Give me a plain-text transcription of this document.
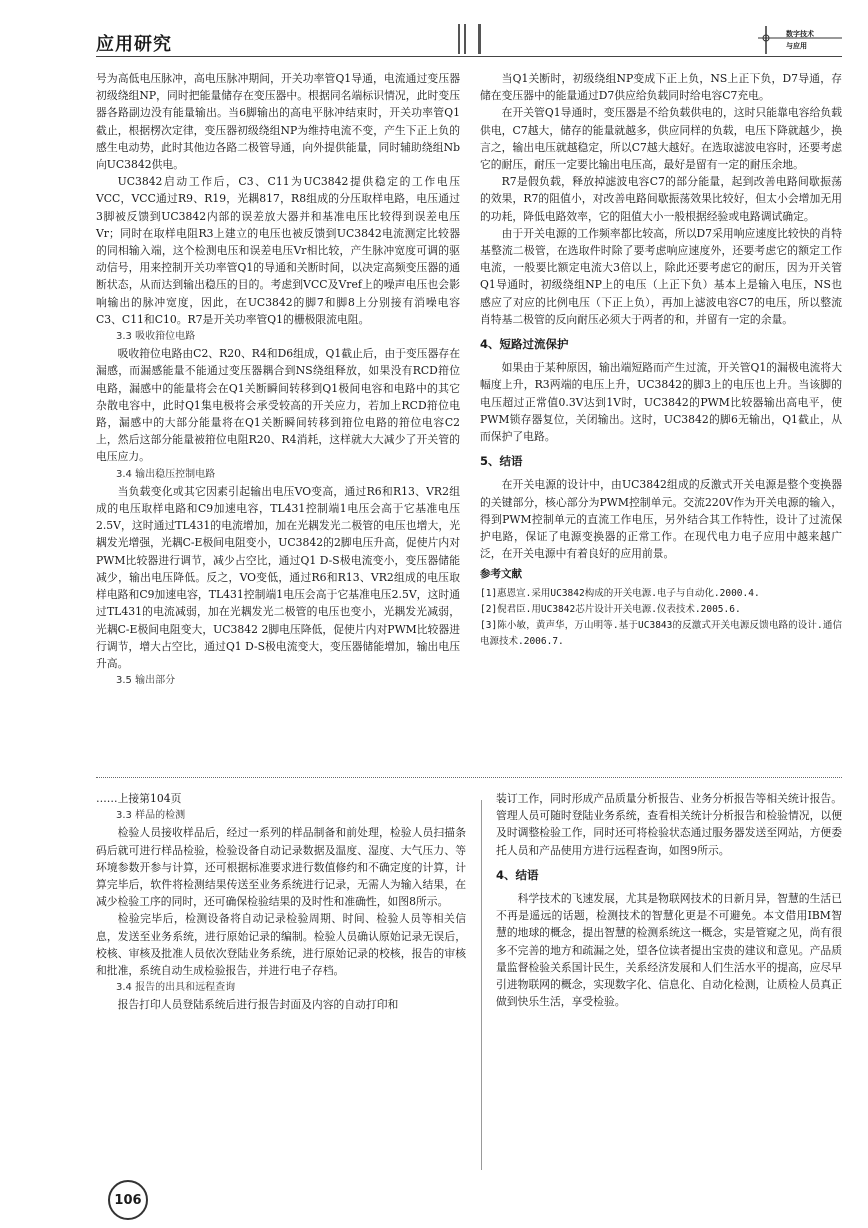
应用研究	数字技术
与应用

号为高低电压脉冲，高电压脉冲期间，开关功率管Q1导通，电流通过变压器初级绕组NP，同时把能量储存在变压器中。根据同名端标识情况，此时变压器各路副边没有能量输出。当6脚输出的高电平脉冲结束时，开关功率管Q1截止，根据楞次定律，变压器初级绕组NP为维持电流不变，产生下正上负的感生电动势，此时其他边各路二极管导通，向外提供能量，同时辅助绕组Nb向UC3842供电。

UC3842启动工作后，C3、C11为UC3842提供稳定的工作电压VCC，VCC通过R9、R19，光耦817，R8组成的分压取样电路，电压通过3脚被反馈到UC3842内部的误差放大器并和基准电压比较得到误差电压Vr；同时在取样电阻R3上建立的电压也被反馈到UC3842电流测定比较器的同相输入端，这个检测电压和误差电压Vr相比较，产生脉冲宽度可调的驱动信号，用来控制开关功率管Q1的导通和关断时间，以决定高频变压器的通断状态，从而达到输出稳压的目的。考虑到VCC及Vref上的噪声电压也会影响输出的脉冲宽度，因此，在UC3842的脚7和脚8上分别接有消噪电容C3、C11和C10。R7是开关功率管Q1的栅极限流电阻。

3.3 吸收箝位电路

吸收箝位电路由C2、R20、R4和D6组成，Q1截止后，由于变压器存在漏感，而漏感能量不能通过变压器耦合到NS绕组释放，如果没有RCD箝位电路，漏感中的能量将会在Q1关断瞬间转移到Q1极间电容和电路中的其它杂散电容中，此时Q1集电极将会承受较高的开关应力，若加上RCD箝位电路，漏感中的大部分能量将在Q1关断瞬间转移到箝位电路的箝位电容C2上，然后这部分能量被箝位电阻R20、R4消耗，这样就大大减少了开关管的电压应力。

3.4 输出稳压控制电路

当负载变化或其它因素引起输出电压VO变高，通过R6和R13、VR2组成的电压取样电路和C9加速电容，TL431控制端1电压会高于它基准电压2.5V，这时通过TL431的电流增加，加在光耦发光二极管的电压也增大，光耦发光增强，光耦C-E极间电阻变小，UC3842的2脚电压升高，促使片内对PWM比较器进行调节，减少占空比，通过Q1 D-S极电流变小，变压器储能减少，输出电压降低。反之，VO变低，通过R6和R13、VR2组成的电压取样电路和C9加速电容，TL431控制端1电压会高于它基准电压2.5V，这时通过TL431的电流减弱，加在光耦发光二极管的电压也变小，光耦发光减弱，光耦C-E极间电阻变大，UC3842 2脚电压降低，促使片内对PWM比较器进行调节，增大占空比，通过Q1 D-S极电流变大，变压器储能增加，输出电压升高。

3.5 输出部分

当Q1关断时，初级绕组NP变成下正上负，NS上正下负，D7导通，存储在变压器中的能量通过D7供应给负载同时给电容C7充电。

在开关管Q1导通时，变压器是不给负载供电的，这时只能靠电容给负载供电，C7越大，储存的能量就越多，供应同样的负载，电压下降就越少，换言之，输出电压就越稳定，所以C7越大越好。在选取滤波电容时，还要考虑它的耐压，耐压一定要比输出电压高，最好是留有一定的耐压余地。

R7是假负载，释放掉滤波电容C7的部分能量，起到改善电路间歇振荡的效果，R7的阻值小，对改善电路间歇振荡效果比较好，但太小会增加无用的功耗，降低电路效率，它的阻值大小一般根据经验或电路调试确定。

由于开关电源的工作频率都比较高，所以D7采用响应速度比较快的肖特基整流二极管，在选取件时除了要考虑响应速度外，还要考虑它的额定工作电流，一般要比额定电流大3倍以上，除此还要考虑它的耐压，因为开关管Q1导通时，初级绕组NP上的电压（上正下负）基本上是输入电压，NS也感应了对应的比例电压（下正上负），再加上滤波电容C7的电压，所以整流肖特基二极管的反向耐压必须大于两者的和，并留有一定的余量。

4、短路过流保护

如果由于某种原因，输出端短路而产生过流，开关管Q1的漏极电流将大幅度上升，R3两端的电压上升，UC3842的脚3上的电压也上升。当该脚的电压超过正常值0.3V达到1V时，UC3842的PWM比较器输出高电平，使PWM锁存器复位，关闭输出。这时，UC3842的脚6无输出，Q1截止，从而保护了电路。

5、结语

在开关电源的设计中，由UC3842组成的反激式开关电源是整个变换器的关键部分，核心部分为PWM控制单元。交流220V作为开关电源的输入，得到PWM控制单元的直流工作电压，另外结合其工作特性，设计了过流保护电路，保证了电源变换器的正常工作。在现代电力电子应用中越来越广泛，在开关电源中有着良好的应用前景。

参考文献

[1]惠恩宣.采用UC3842构成的开关电源.电子与自动化.2000.4.

[2]倪君臣.用UC3842芯片设计开关电源.仪表技术.2005.6.

[3]陈小敏，黄声华，万山明等.基于UC3843的反激式开关电源反馈电路的设计.通信电源技术.2006.7.

……上接第104页

3.3 样品的检测

检验人员接收样品后，经过一系列的样品制备和前处理，检验人员扫描条码后就可进行样品检验，检验设备自动记录数据及温度、湿度、大气压力、等环境参数开参与计算，还可根据标准要求进行数值修约和不确定度的计算，计算完毕后，软件将检测结果传送至业务系统进行记录，无需人为输入结果，在减少检验工序的同时，还可确保检验结果的及时性和准确性，如图8所示。

检验完毕后，检测设备将自动记录检验周期、时间、检验人员等相关信息，发送至业务系统，进行原始记录的编制。检验人员确认原始记录无误后，校核、审核及批准人员依次登陆业务系统，进行原始记录的校核，报告的审核和批准，系统自动生成检验报告，并进行电子存档。

3.4 报告的出具和远程查询

报告打印人员登陆系统后进行报告封面及内容的自动打印和

装订工作，同时形成产品质量分析报告、业务分析报告等相关统计报告。管理人员可随时登陆业务系统，查看相关统计分析报告和检验情况，以便及时调整检验工作，同时还可将检验状态通过服务器发送至网站，方便委托人员和产品使用方进行远程查询，如图9所示。

4、结语

科学技术的飞速发展，尤其是物联网技术的日新月异，智慧的生活已不再是遥远的话题，检测技术的智慧化更是不可避免。本文借用IBM智慧的地球的概念，提出智慧的检测系统这一概念，实是管窥之见，尚有很多不完善的地方和疏漏之处，望各位读者提出宝贵的建议和意见。产品质量监督检验关系国计民生，关系经济发展和人们生活水平的提高，应尽早引进物联网的概念，实现数字化、信息化、自动化检测，让质检人员真正做到快乐生活，享受检验。

106
